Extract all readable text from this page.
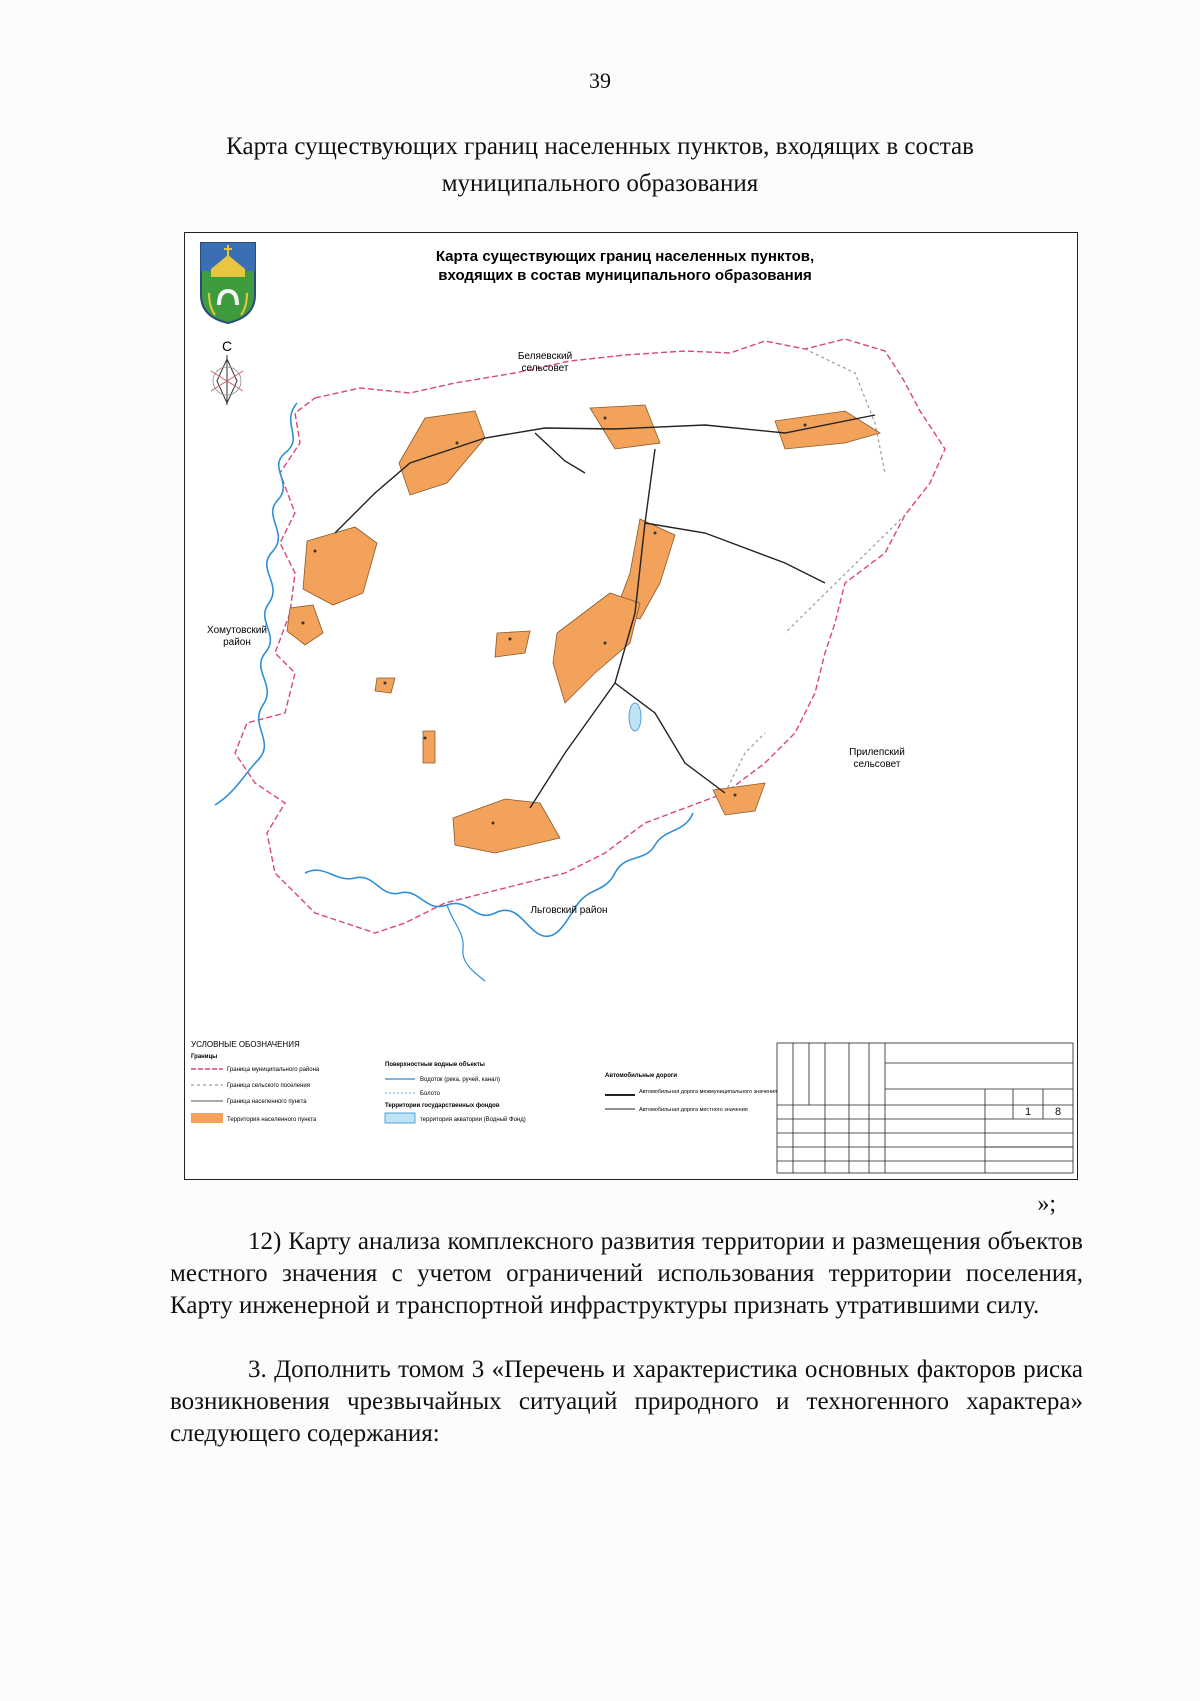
39
Карта существующих границ населенных пунктов, входящих в состав
муниципального образования
Карта существующих границ населенных пунктов,
входящих в состав муниципального образования
С
Беляевский
сельсовет
Хомутовский
район
Прилепский
сельсовет
Льговский район
УСЛОВНЫЕ ОБОЗНАЧЕНИЯ
Границы
Граница муниципального района
Граница сельского поселения
Граница населенного пункта
Территория населенного пункта
Поверхностные водные объекты
Водоток (река, ручей, канал)
Болото
Территории государственных фондов
территория акватории (Водный Фонд)
Автомобильные дороги
Автомобильная дорога межмуниципального значения
Автомобильная дорога местного значения	1 8
»;
12) Карту анализа комплексного развития территории и размещения объектов местного значения с учетом ограничений использования территории поселения, Карту инженерной и транспортной инфраструктуры признать утратившими силу.
3. Дополнить томом 3 «Перечень и характеристика основных факторов риска возникновения чрезвычайных ситуаций природного и техногенного характера» следующего содержания:
